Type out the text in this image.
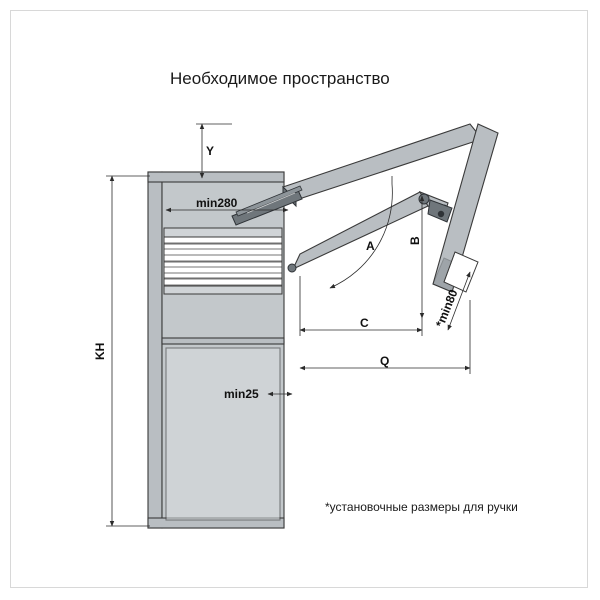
Y
min280
KH
min25
A	B
C
Q
*min80
Необходимое пространство
*установочные размеры для ручки
